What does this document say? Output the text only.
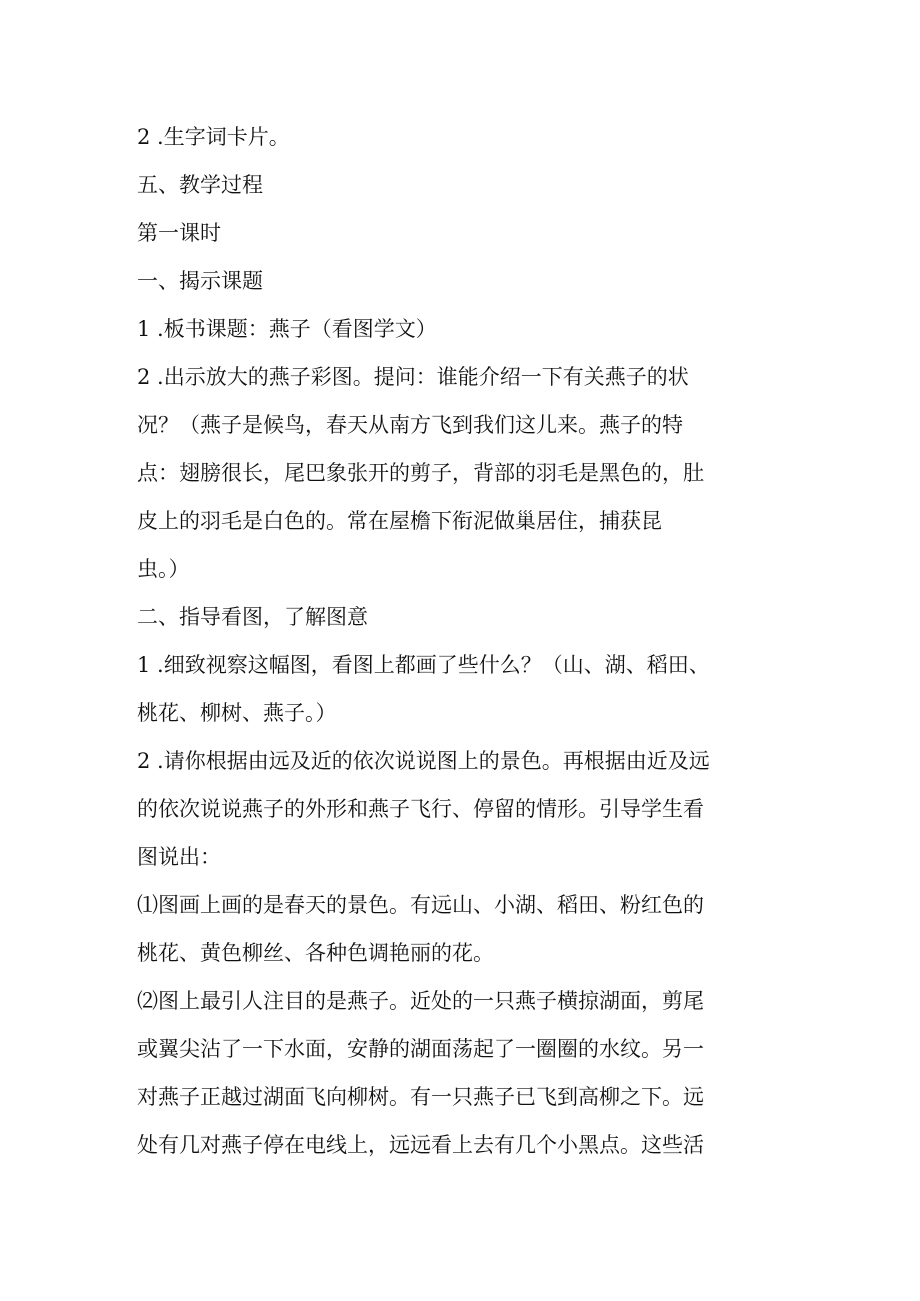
2 .生字词卡片。
五、教学过程
第一课时
一、揭示课题
1 .板书课题：燕子（看图学文）
2 .出示放大的燕子彩图。提问：谁能介绍一下有关燕子的状
况？（燕子是候鸟，春天从南方飞到我们这儿来。燕子的特
点：翅膀很长，尾巴象张开的剪子，背部的羽毛是黑色的，肚
皮上的羽毛是白色的。常在屋檐下衔泥做巢居住，捕获昆
虫。）
二、指导看图，了解图意
1 .细致视察这幅图，看图上都画了些什么？（山、湖、稻田、
桃花、柳树、燕子。）
2 .请你根据由远及近的依次说说图上的景色。再根据由近及远
的依次说说燕子的外形和燕子飞行、停留的情形。引导学生看
图说出：
⑴图画上画的是春天的景色。有远山、小湖、稻田、粉红色的
桃花、黄色柳丝、各种色调艳丽的花。
⑵图上最引人注目的是燕子。近处的一只燕子横掠湖面，剪尾
或翼尖沾了一下水面，安静的湖面荡起了一圈圈的水纹。另一
对燕子正越过湖面飞向柳树。有一只燕子已飞到高柳之下。远
处有几对燕子停在电线上，远远看上去有几个小黑点。这些活
